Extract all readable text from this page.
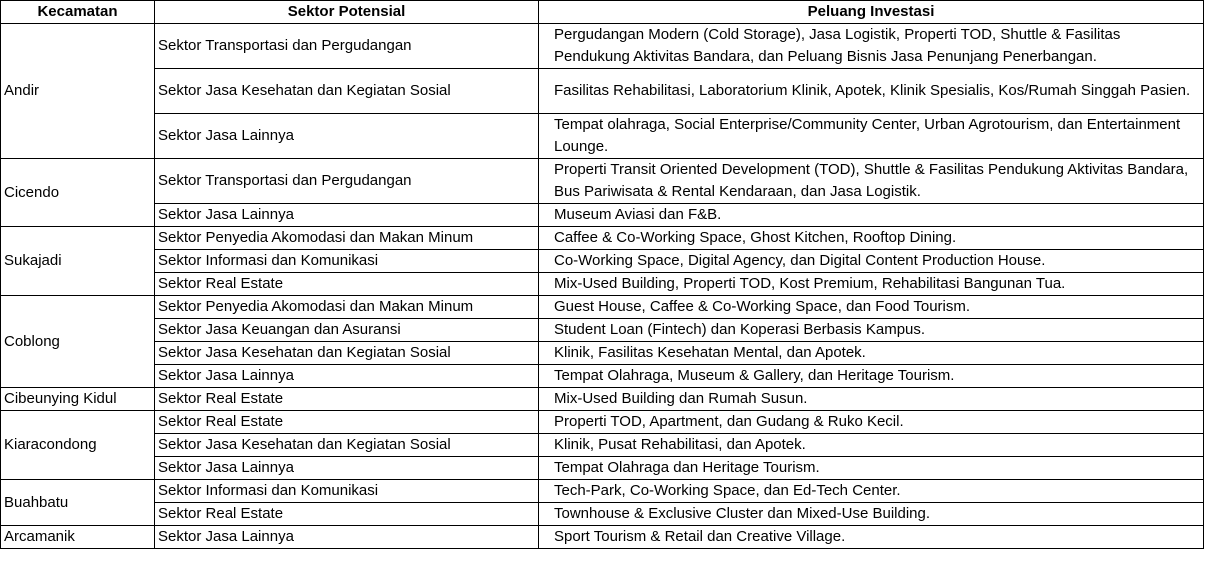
Kecamatan	Sektor Potensial	Peluang Investasi
Andir	Sektor Transportasi dan Pergudangan	Pergudangan Modern (Cold Storage), Jasa Logistik, Properti TOD, Shuttle & Fasilitas Pendukung Aktivitas Bandara, dan Peluang Bisnis Jasa Penunjang Penerbangan.
	Sektor Jasa Kesehatan dan Kegiatan Sosial	Fasilitas Rehabilitasi, Laboratorium Klinik, Apotek, Klinik Spesialis, Kos/Rumah Singgah Pasien.
	Sektor Jasa Lainnya	Tempat olahraga, Social Enterprise/Community Center, Urban Agrotourism, dan Entertainment Lounge.
Cicendo	Sektor Transportasi dan Pergudangan	Properti Transit Oriented Development (TOD), Shuttle & Fasilitas Pendukung Aktivitas Bandara, Bus Pariwisata & Rental Kendaraan, dan Jasa Logistik.
	Sektor Jasa Lainnya	Museum Aviasi dan F&B.
Sukajadi	Sektor Penyedia Akomodasi dan Makan Minum	Caffee & Co-Working Space, Ghost Kitchen, Rooftop Dining.
	Sektor Informasi dan Komunikasi	Co-Working Space, Digital Agency, dan Digital Content Production House.
	Sektor Real Estate	Mix-Used Building, Properti TOD, Kost Premium, Rehabilitasi Bangunan Tua.
Coblong	Sektor Penyedia Akomodasi dan Makan Minum	Guest House, Caffee & Co-Working Space, dan Food Tourism.
	Sektor Jasa Keuangan dan Asuransi	Student Loan (Fintech) dan Koperasi Berbasis Kampus.
	Sektor Jasa Kesehatan dan Kegiatan Sosial	Klinik, Fasilitas Kesehatan Mental, dan Apotek.
	Sektor Jasa Lainnya	Tempat Olahraga, Museum & Gallery, dan Heritage Tourism.
Cibeunying Kidul	Sektor Real Estate	Mix-Used Building dan Rumah Susun.
Kiaracondong	Sektor Real Estate	Properti TOD, Apartment, dan Gudang & Ruko Kecil.
	Sektor Jasa Kesehatan dan Kegiatan Sosial	Klinik, Pusat Rehabilitasi, dan Apotek.
	Sektor Jasa Lainnya	Tempat Olahraga dan Heritage Tourism.
Buahbatu	Sektor Informasi dan Komunikasi	Tech-Park, Co-Working Space, dan Ed-Tech Center.
	Sektor Real Estate	Townhouse & Exclusive Cluster dan Mixed-Use Building.
Arcamanik	Sektor Jasa Lainnya	Sport Tourism & Retail dan Creative Village.
